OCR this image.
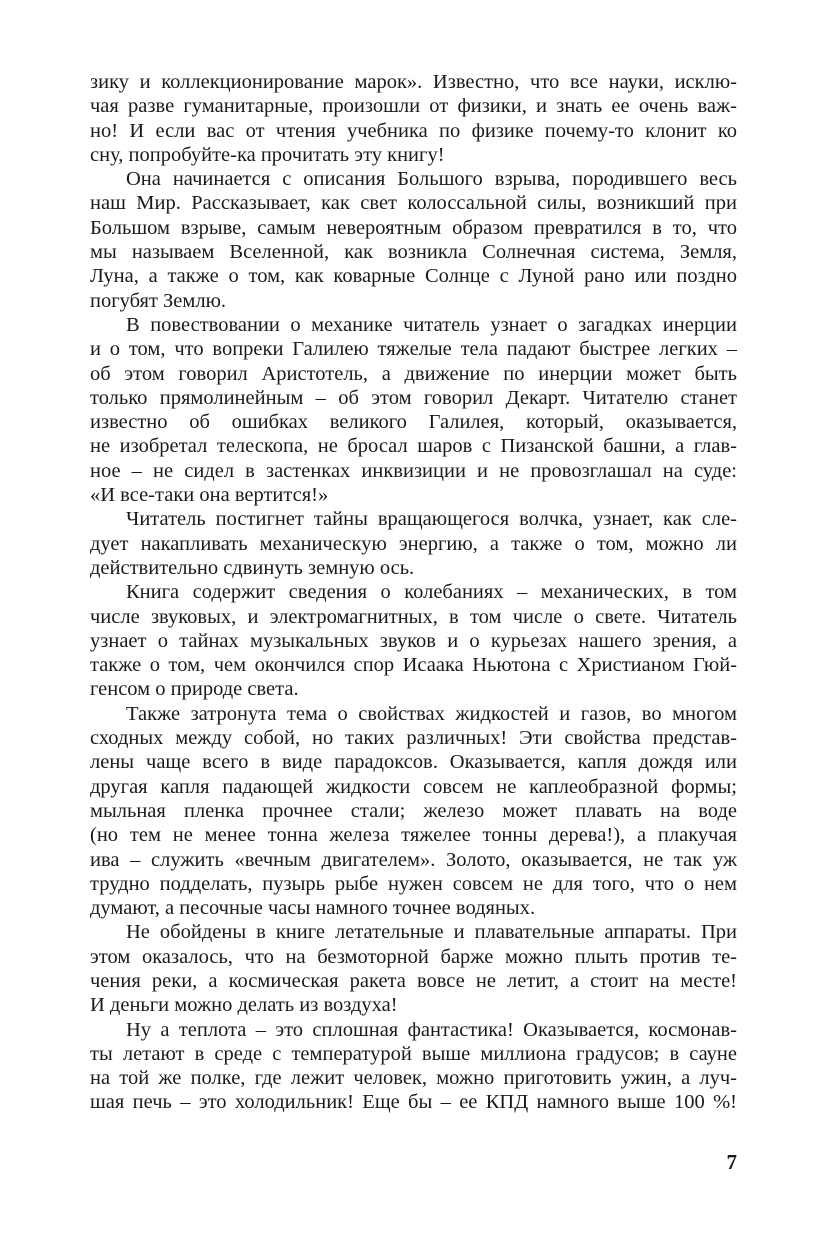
зику и коллекционирование марок». Известно, что все науки, исклю-
чая разве гуманитарные, произошли от физики, и знать ее очень важ-
но! И если вас от чтения учебника по физике почему-то клонит ко
сну, попробуйте-ка прочитать эту книгу!
Она начинается с описания Большого взрыва, породившего весь
наш Мир. Рассказывает, как свет колоссальной силы, возникший при
Большом взрыве, самым невероятным образом превратился в то, что
мы называем Вселенной, как возникла Солнечная система, Земля,
Луна, а также о том, как коварные Солнце с Луной рано или поздно
погубят Землю.
В повествовании о механике читатель узнает о загадках инерции
и о том, что вопреки Галилею тяжелые тела падают быстрее легких –
об этом говорил Аристотель, а движение по инерции может быть
только прямолинейным – об этом говорил Декарт. Читателю станет
известно об ошибках великого Галилея, который, оказывается,
не изобретал телескопа, не бросал шаров с Пизанской башни, а глав-
ное – не сидел в застенках инквизиции и не провозглашал на суде:
«И все-таки она вертится!»
Читатель постигнет тайны вращающегося волчка, узнает, как сле-
дует накапливать механическую энергию, а также о том, можно ли
действительно сдвинуть земную ось.
Книга содержит сведения о колебаниях – механических, в том
числе звуковых, и электромагнитных, в том числе о свете. Читатель
узнает о тайнах музыкальных звуков и о курьезах нашего зрения, а
также о том, чем окончился спор Исаака Ньютона с Христианом Гюй-
генсом о природе света.
Также затронута тема о свойствах жидкостей и газов, во многом
сходных между собой, но таких различных! Эти свойства представ-
лены чаще всего в виде парадоксов. Оказывается, капля дождя или
другая капля падающей жидкости совсем не каплеобразной формы;
мыльная пленка прочнее стали; железо может плавать на воде
(но тем не менее тонна железа тяжелее тонны дерева!), а плакучая
ива – служить «вечным двигателем». Золото, оказывается, не так уж
трудно подделать, пузырь рыбе нужен совсем не для того, что о нем
думают, а песочные часы намного точнее водяных.
Не обойдены в книге летательные и плавательные аппараты. При
этом оказалось, что на безмоторной барже можно плыть против те-
чения реки, а космическая ракета вовсе не летит, а стоит на месте!
И деньги можно делать из воздуха!
Ну а теплота – это сплошная фантастика! Оказывается, космонав-
ты летают в среде с температурой выше миллиона градусов; в сауне
на той же полке, где лежит человек, можно приготовить ужин, а луч-
шая печь – это холодильник! Еще бы – ее КПД намного выше 100 %!
7
